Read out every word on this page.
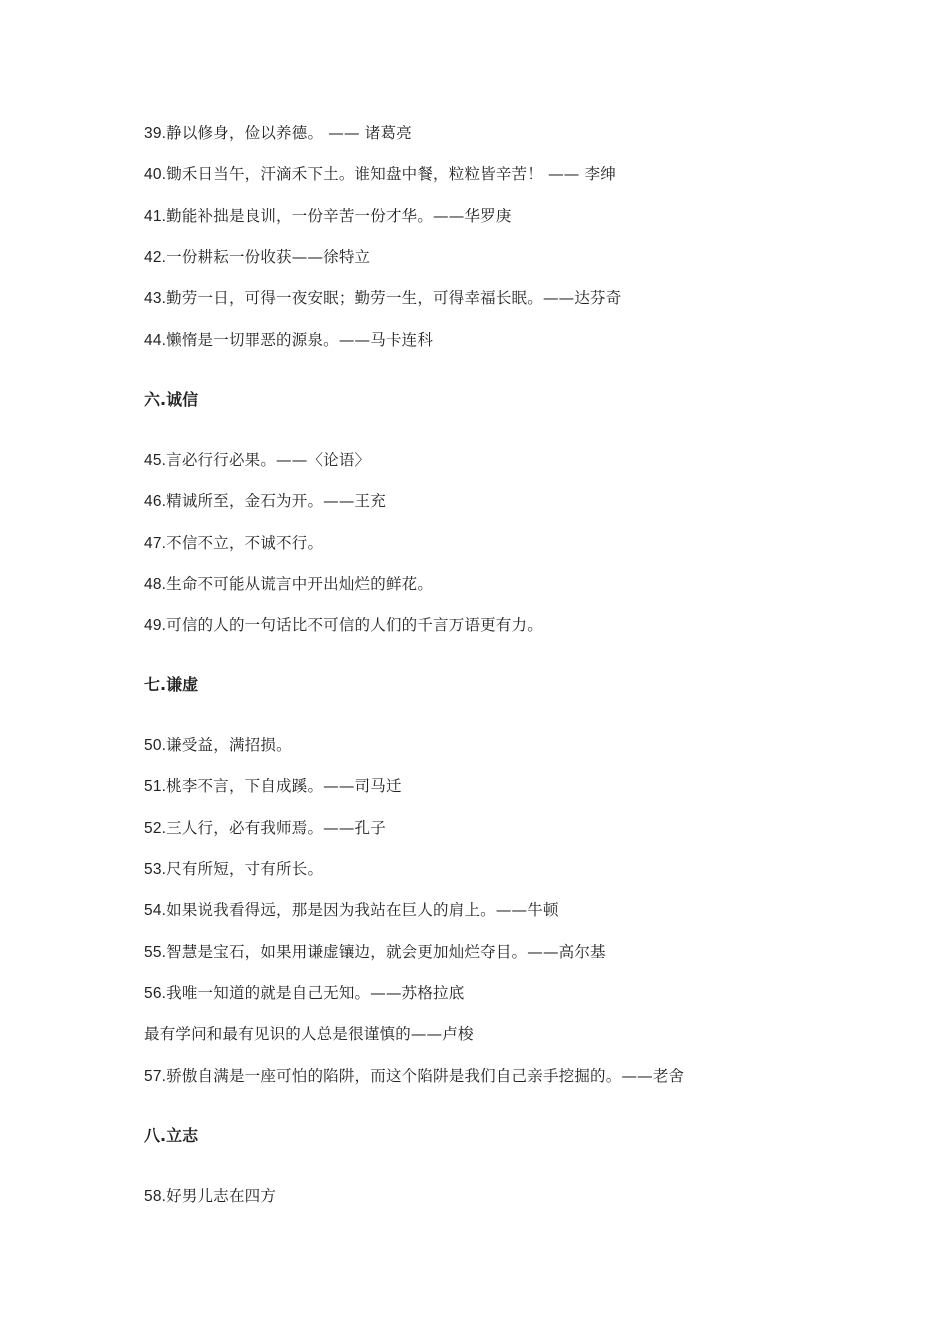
39.静以修身，俭以养德。 —— 诸葛亮
40.锄禾日当午，汗滴禾下土。谁知盘中餐，粒粒皆辛苦！ —— 李绅
41.勤能补拙是良训，一份辛苦一份才华。——华罗庚
42.一份耕耘一份收获——徐特立
43.勤劳一日，可得一夜安眠；勤劳一生，可得幸福长眠。——达芬奇
44.懒惰是一切罪恶的源泉。——马卡连科
六.诚信
45.言必行行必果。——〈论语〉
46.精诚所至，金石为开。——王充
47.不信不立，不诚不行。
48.生命不可能从谎言中开出灿烂的鲜花。
49.可信的人的一句话比不可信的人们的千言万语更有力。
七.谦虚
50.谦受益，满招损。
51.桃李不言，下自成蹊。——司马迁
52.三人行，必有我师焉。——孔子
53.尺有所短，寸有所长。
54.如果说我看得远，那是因为我站在巨人的肩上。——牛顿
55.智慧是宝石，如果用谦虚镶边，就会更加灿烂夺目。——高尔基
56.我唯一知道的就是自己无知。——苏格拉底
最有学问和最有见识的人总是很谨慎的——卢梭
57.骄傲自满是一座可怕的陷阱，而这个陷阱是我们自己亲手挖掘的。——老舍
八.立志
58.好男儿志在四方
